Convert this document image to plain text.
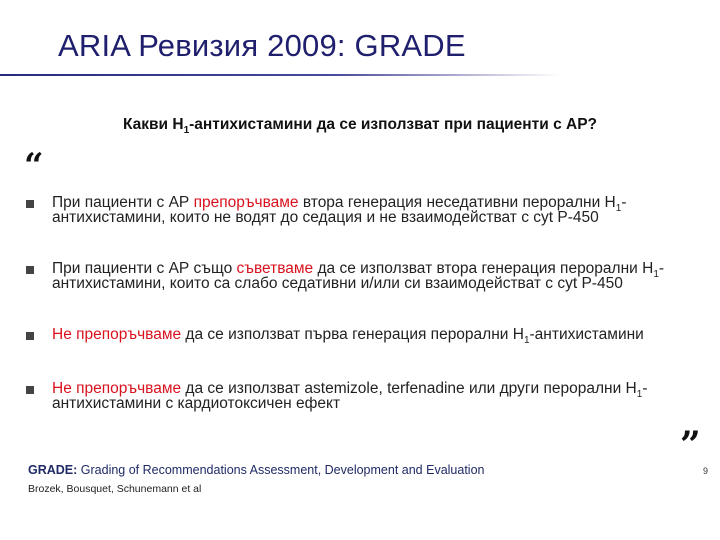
ARIA Ревизия 2009: GRADE
Какви $H_1$-антихистамини да се използват при пациенти с АР?
“
При пациенти с АР препоръчваме втора генерация неседативни перорални $H_1$-антихистамини, които не водят до седация и не взаимодействат с cyt P-450
При пациенти с АР също съветваме да се използват втора генерация перорални $H_1$-антихистамини, които са слабо седативни и/или си взаимодействат с cyt P-450
Не препоръчваме да се използват първа генерация перорални $H_1$-антихистамини
Не препоръчваме да се използват astemizole, terfenadine или други перорални $H_1$-антихистамини с кардиотоксичен ефект
”
GRADE: Grading of Recommendations Assessment, Development and Evaluation
Brozek, Bousquet, Schunemann et al
9
